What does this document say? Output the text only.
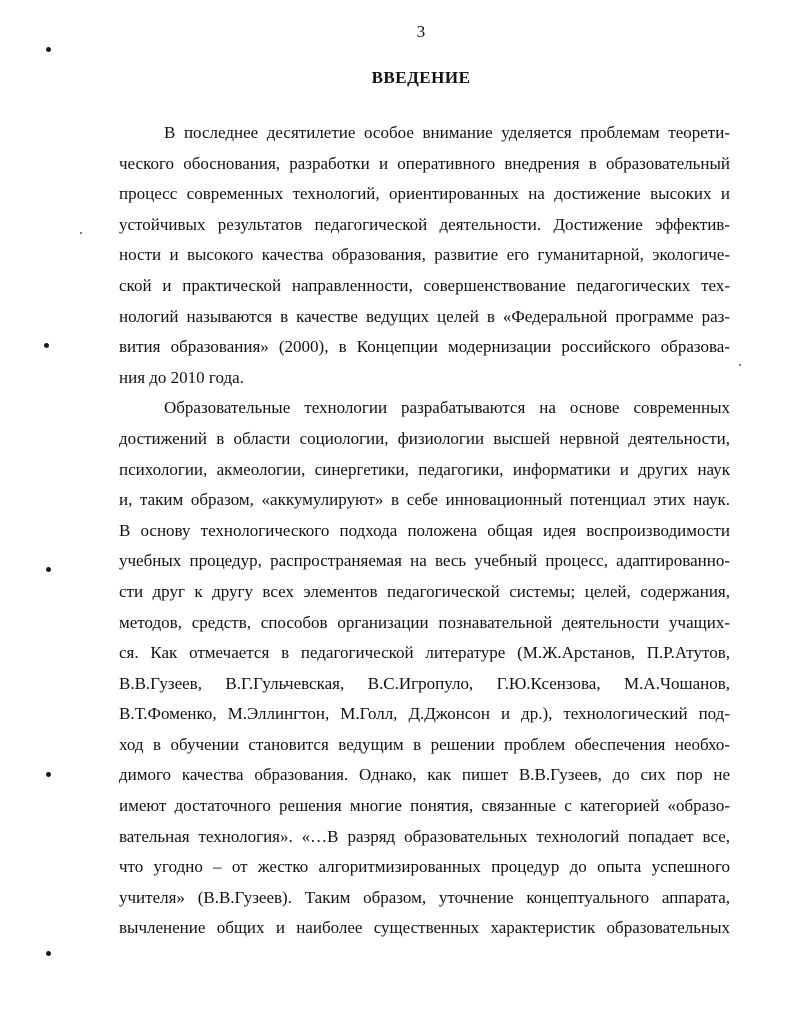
3
ВВЕДЕНИЕ
В последнее десятилетие особое внимание уделяется проблемам теорети-
ческого обоснования, разработки и оперативного внедрения в образовательный
процесс современных технологий, ориентированных на достижение высоких и
устойчивых результатов педагогической деятельности. Достижение эффектив-
ности и высокого качества образования, развитие его гуманитарной, экологиче-
ской и практической направленности, совершенствование педагогических тех-
нологий называются в качестве ведущих целей в «Федеральной программе раз-
вития образования» (2000), в Концепции модернизации российского образова-
ния до 2010 года.
Образовательные технологии разрабатываются на основе современных
достижений в области социологии, физиологии высшей нервной деятельности,
психологии, акмеологии, синергетики, педагогики, информатики и других наук
и, таким образом, «аккумулируют» в себе инновационный потенциал этих наук.
В основу технологического подхода положена общая идея воспроизводимости
учебных процедур, распространяемая на весь учебный процесс, адаптированно-
сти друг к другу всех элементов педагогической системы; целей, содержания,
методов, средств, способов организации познавательной деятельности учащих-
ся. Как отмечается в педагогической литературе (М.Ж.Арстанов, П.Р.Атутов,
В.В.Гузеев, В.Г.Гульчевская, В.С.Игропуло, Г.Ю.Ксензова, М.А.Чошанов,
В.Т.Фоменко, М.Эллингтон, М.Голл, Д.Джонсон и др.), технологический под-
ход в обучении становится ведущим в решении проблем обеспечения необхо-
димого качества образования. Однако, как пишет В.В.Гузеев, до сих пор не
имеют достаточного решения многие понятия, связанные с категорией «образо-
вательная технология». «…В разряд образовательных технологий попадает все,
что угодно – от жестко алгоритмизированных процедур до опыта успешного
учителя» (В.В.Гузеев). Таким образом, уточнение концептуального аппарата,
вычленение общих и наиболее существенных характеристик образовательных
